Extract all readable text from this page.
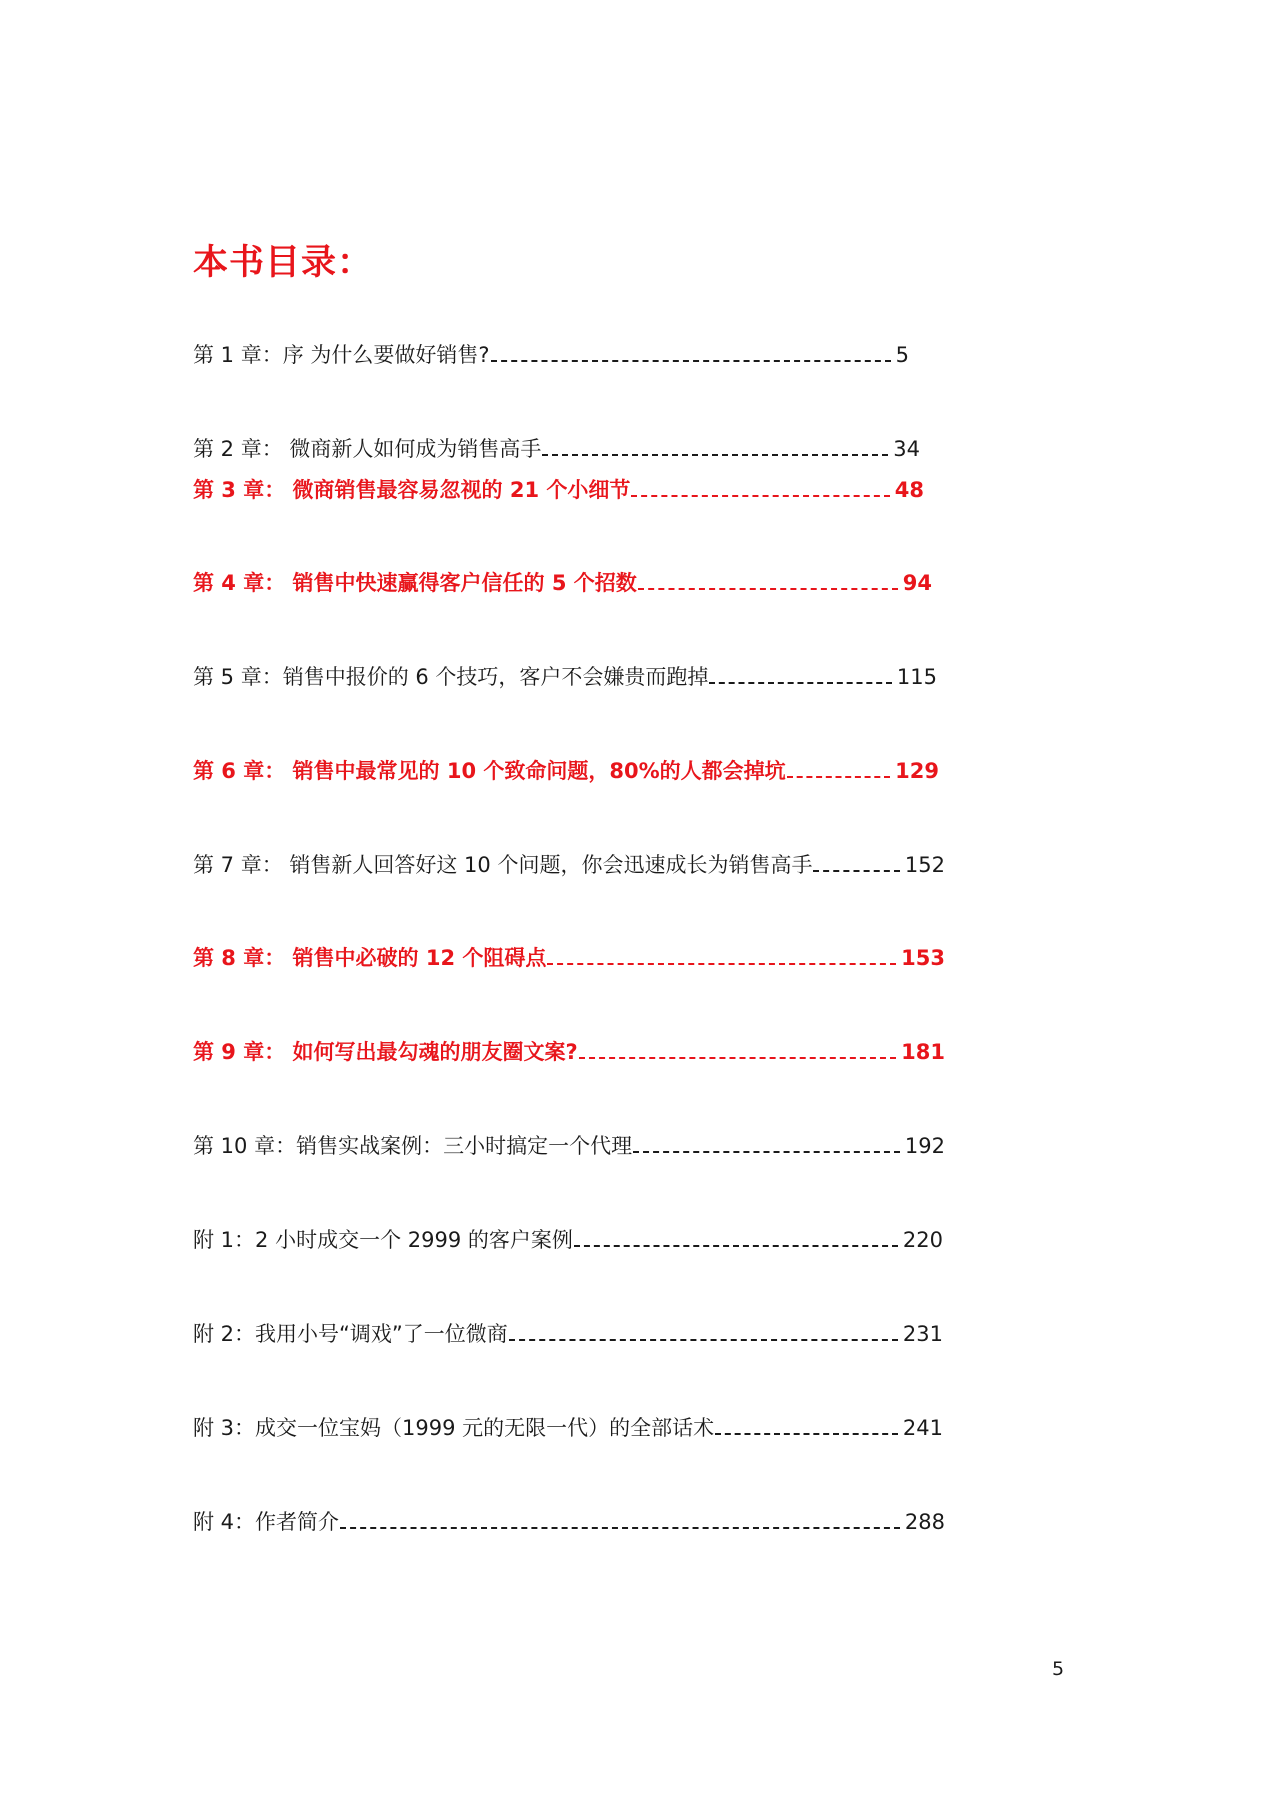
本书目录：
第 1 章：序 为什么要做好销售?	5
第 2 章： 微商新人如何成为销售高手	34
第 3 章： 微商销售最容易忽视的 21 个小细节	48
第 4 章： 销售中快速赢得客户信任的 5 个招数	94
第 5 章：销售中报价的 6 个技巧，客户不会嫌贵而跑掉	115
第 6 章： 销售中最常见的 10 个致命问题，80%的人都会掉坑	129
第 7 章： 销售新人回答好这 10 个问题，你会迅速成长为销售高手	152
第 8 章： 销售中必破的 12 个阻碍点	153
第 9 章： 如何写出最勾魂的朋友圈文案?	181
第 10 章：销售实战案例：三小时搞定一个代理	192
附 1：2 小时成交一个 2999 的客户案例	220
附 2：我用小号“调戏”了一位微商	231
附 3：成交一位宝妈（1999 元的无限一代）的全部话术	241
附 4：作者简介	288
5
